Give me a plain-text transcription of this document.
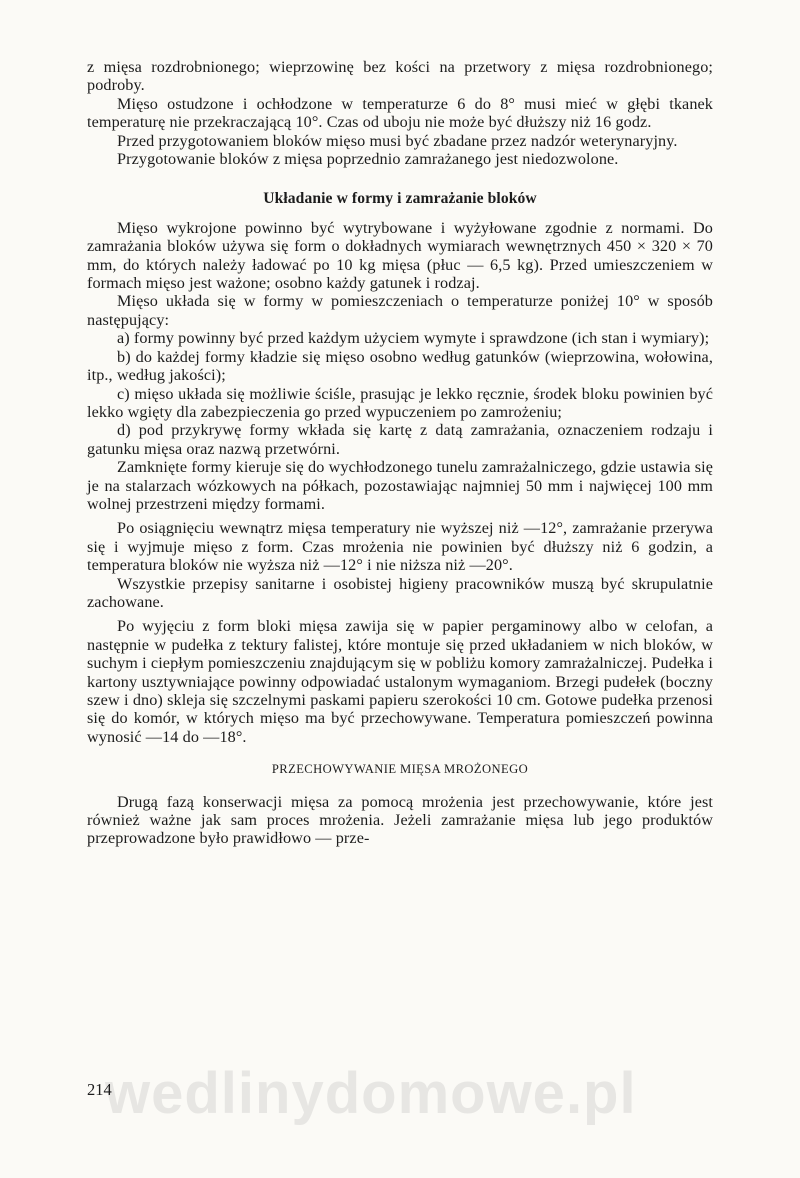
z mięsa rozdrobnionego; wieprzowinę bez kości na przetwory z mięsa rozdrobnionego; podroby.

Mięso ostudzone i ochłodzone w temperaturze 6 do 8° musi mieć w głębi tkanek temperaturę nie przekraczającą 10°. Czas od uboju nie może być dłuższy niż 16 godz.

Przed przygotowaniem bloków mięso musi być zbadane przez nadzór weterynaryjny.

Przygotowanie bloków z mięsa poprzednio zamrażanego jest niedozwolone.

Układanie w formy i zamrażanie bloków

Mięso wykrojone powinno być wytrybowane i wyżyłowane zgodnie z normami. Do zamrażania bloków używa się form o dokładnych wymiarach wewnętrznych 450 × 320 × 70 mm, do których należy ładować po 10 kg mięsa (płuc — 6,5 kg). Przed umieszczeniem w formach mięso jest ważone; osobno każdy gatunek i rodzaj.

Mięso układa się w formy w pomieszczeniach o temperaturze poniżej 10° w sposób następujący:

a) formy powinny być przed każdym użyciem wymyte i sprawdzone (ich stan i wymiary);

b) do każdej formy kładzie się mięso osobno według gatunków (wieprzowina, wołowina, itp., według jakości);

c) mięso układa się możliwie ściśle, prasując je lekko ręcznie, środek bloku powinien być lekko wgięty dla zabezpieczenia go przed wypuczeniem po zamrożeniu;

d) pod przykrywę formy wkłada się kartę z datą zamrażania, oznaczeniem rodzaju i gatunku mięsa oraz nazwą przetwórni.

Zamknięte formy kieruje się do wychłodzonego tunelu zamrażalniczego, gdzie ustawia się je na stalarzach wózkowych na półkach, pozostawiając najmniej 50 mm i najwięcej 100 mm wolnej przestrzeni między formami.

Po osiągnięciu wewnątrz mięsa temperatury nie wyższej niż —12°, zamrażanie przerywa się i wyjmuje mięso z form. Czas mrożenia nie powinien być dłuższy niż 6 godzin, a temperatura bloków nie wyższa niż —12° i nie niższa niż —20°.

Wszystkie przepisy sanitarne i osobistej higieny pracowników muszą być skrupulatnie zachowane.

Po wyjęciu z form bloki mięsa zawija się w papier pergaminowy albo w celofan, a następnie w pudełka z tektury falistej, które montuje się przed układaniem w nich bloków, w suchym i ciepłym pomieszczeniu znajdującym się w pobliżu komory zamrażalniczej. Pudełka i kartony usztywniające powinny odpowiadać ustalonym wymaganiom. Brzegi pudełek (boczny szew i dno) skleja się szczelnymi paskami papieru szerokości 10 cm. Gotowe pudełka przenosi się do komór, w których mięso ma być przechowywane. Temperatura pomieszczeń powinna wynosić —14 do —18°.

PRZECHOWYWANIE MIĘSA MROŻONEGO

Drugą fazą konserwacji mięsa za pomocą mrożenia jest przechowywanie, które jest również ważne jak sam proces mrożenia. Jeżeli zamrażanie mięsa lub jego produktów przeprowadzone było prawidłowo — prze-

wedlinydomowe.pl
214
